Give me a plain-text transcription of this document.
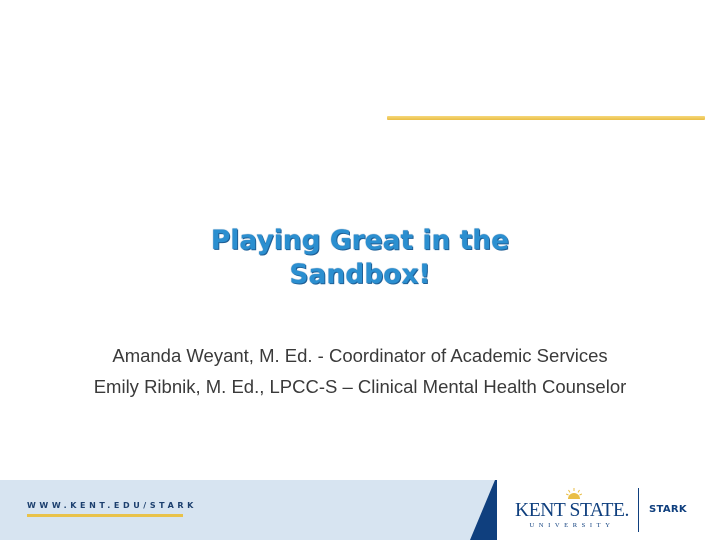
Playing Great in the
Sandbox!
Amanda Weyant, M. Ed. - Coordinator of Academic Services
Emily Ribnik, M. Ed., LPCC-S – Clinical Mental Health Counselor
WWW.KENT.EDU/STARK	KENT STATE.
UNIVERSITY
STARK
